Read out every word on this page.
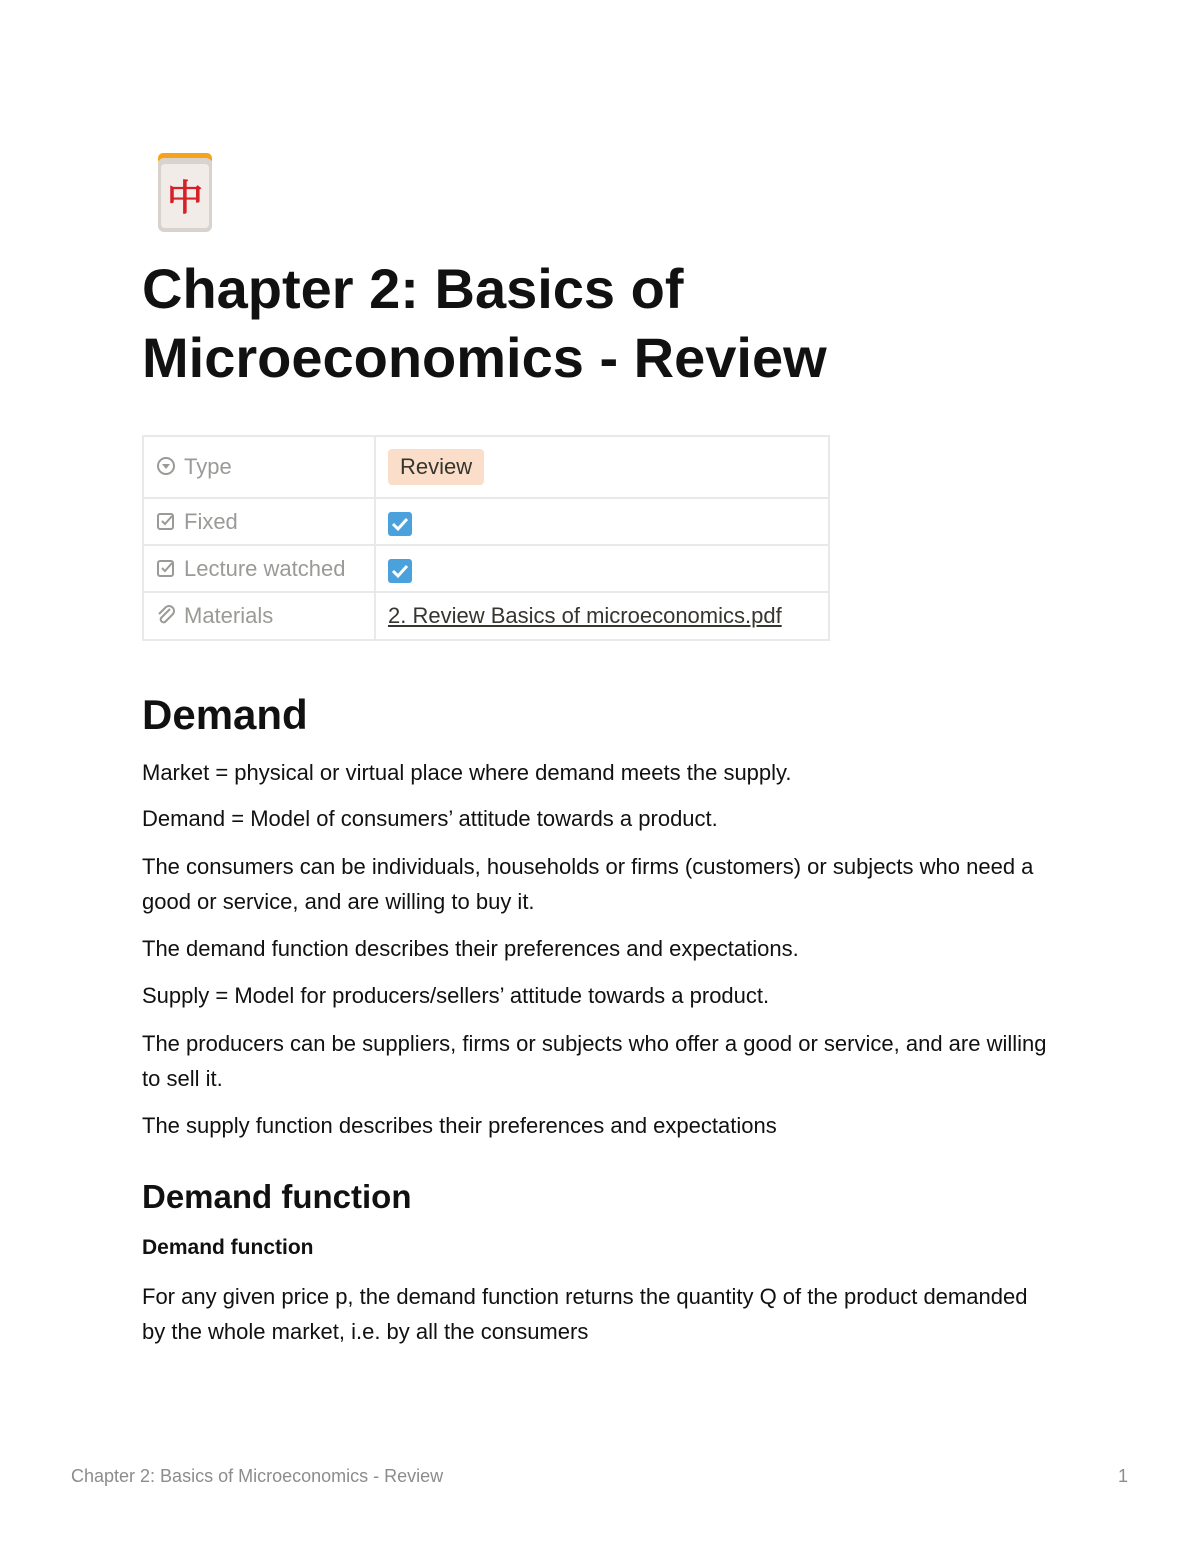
中
Chapter 2: Basics of Microeconomics - Review
Type	Review
Fixed	
Lecture watched	
Materials	2. Review Basics of microeconomics.pdf
Demand

Market = physical or virtual place where demand meets the supply.

Demand = Model of consumers’ attitude towards a product.

The consumers can be individuals, households or firms (customers) or subjects who need a good or service, and are willing to buy it.

The demand function describes their preferences and expectations.

Supply = Model for producers/sellers’ attitude towards a product.

The producers can be suppliers, firms or subjects who offer a good or service, and are willing to sell it.

The supply function describes their preferences and expectations

Demand function
Demand function

For any given price p, the demand function returns the quantity Q of the product demanded by the whole market, i.e. by all the consumers

Chapter 2: Basics of Microeconomics - Review	1
